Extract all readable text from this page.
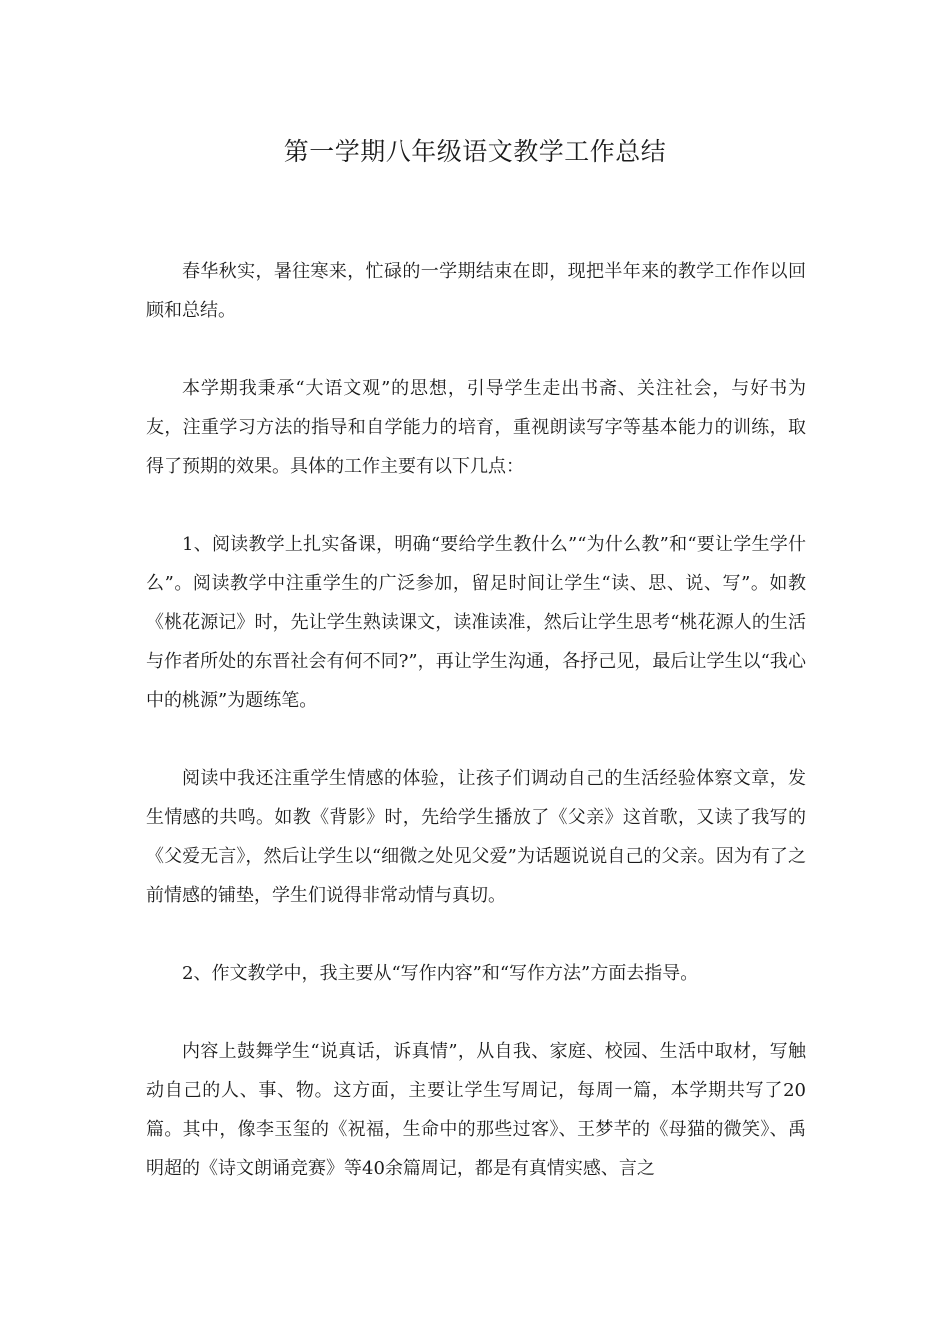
第一学期八年级语文教学工作总结

春华秋实，暑往寒来，忙碌的一学期结束在即，现把半年来的教学工作作以回顾和总结。

本学期我秉承“大语文观”的思想，引导学生走出书斋、关注社会，与好书为友，注重学习方法的指导和自学能力的培育，重视朗读写字等基本能力的训练，取得了预期的效果。具体的工作主要有以下几点：

1、阅读教学上扎实备课，明确“要给学生教什么”“为什么教”和“要让学生学什么”。阅读教学中注重学生的广泛参加，留足时间让学生“读、思、说、写”。如教《桃花源记》时，先让学生熟读课文，读准读准，然后让学生思考“桃花源人的生活与作者所处的东晋社会有何不同?”，再让学生沟通，各抒己见，最后让学生以“我心中的桃源”为题练笔。

阅读中我还注重学生情感的体验，让孩子们调动自己的生活经验体察文章，发生情感的共鸣。如教《背影》时，先给学生播放了《父亲》这首歌，又读了我写的《父爱无言》，然后让学生以“细微之处见父爱”为话题说说自己的父亲。因为有了之前情感的铺垫，学生们说得非常动情与真切。

2、作文教学中，我主要从“写作内容”和“写作方法”方面去指导。

内容上鼓舞学生“说真话，诉真情”，从自我、家庭、校园、生活中取材，写触动自己的人、事、物。这方面，主要让学生写周记，每周一篇，本学期共写了20篇。其中，像李玉玺的《祝福，生命中的那些过客》、王梦芊的《母猫的微笑》、禹明超的《诗文朗诵竞赛》等40余篇周记，都是有真情实感、言之
